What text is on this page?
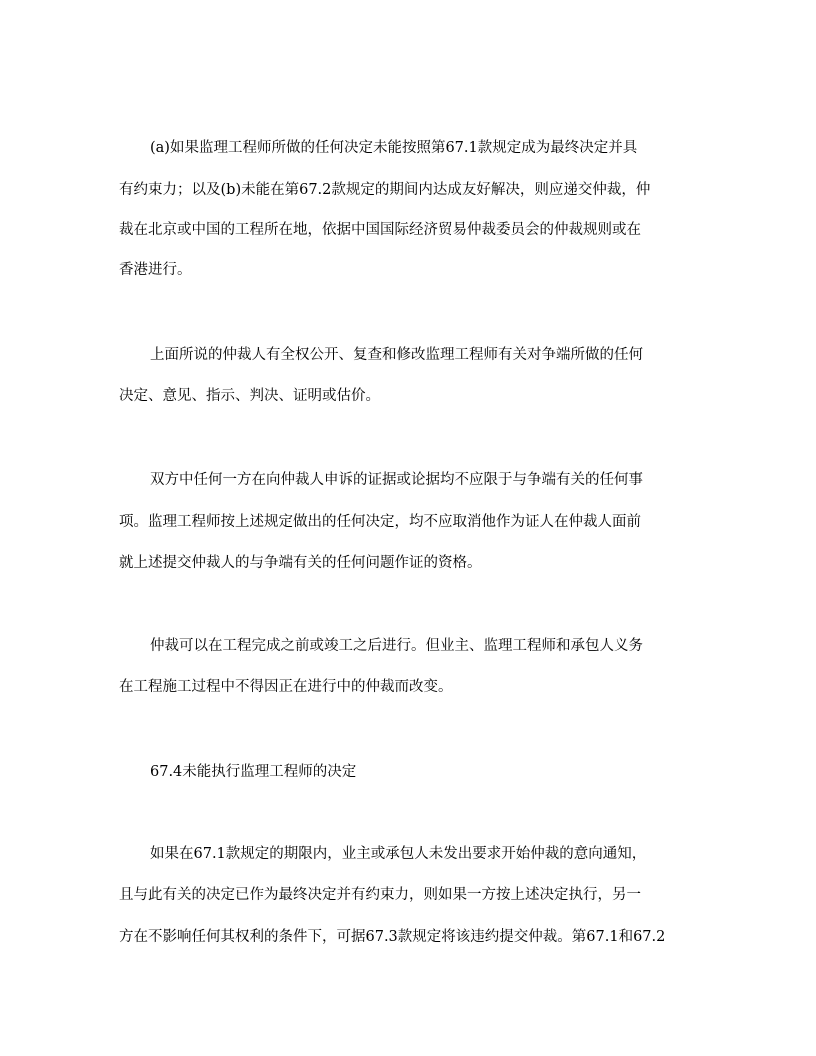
(a)如果监理工程师所做的任何决定未能按照第67.1款规定成为最终决定并具
有约束力；以及(b)未能在第67.2款规定的期间内达成友好解决，则应递交仲裁，仲
裁在北京或中国的工程所在地，依据中国国际经济贸易仲裁委员会的仲裁规则或在
香港进行。
上面所说的仲裁人有全权公开、复查和修改监理工程师有关对争端所做的任何
决定、意见、指示、判决、证明或估价。
双方中任何一方在向仲裁人申诉的证据或论据均不应限于与争端有关的任何事
项。监理工程师按上述规定做出的任何决定，均不应取消他作为证人在仲裁人面前
就上述提交仲裁人的与争端有关的任何问题作证的资格。
仲裁可以在工程完成之前或竣工之后进行。但业主、监理工程师和承包人义务
在工程施工过程中不得因正在进行中的仲裁而改变。
67.4未能执行监理工程师的决定
如果在67.1款规定的期限内，业主或承包人未发出要求开始仲裁的意向通知，
且与此有关的决定已作为最终决定并有约束力，则如果一方按上述决定执行，另一
方在不影响任何其权利的条件下，可据67.3款规定将该违约提交仲裁。第67.1和67.2
